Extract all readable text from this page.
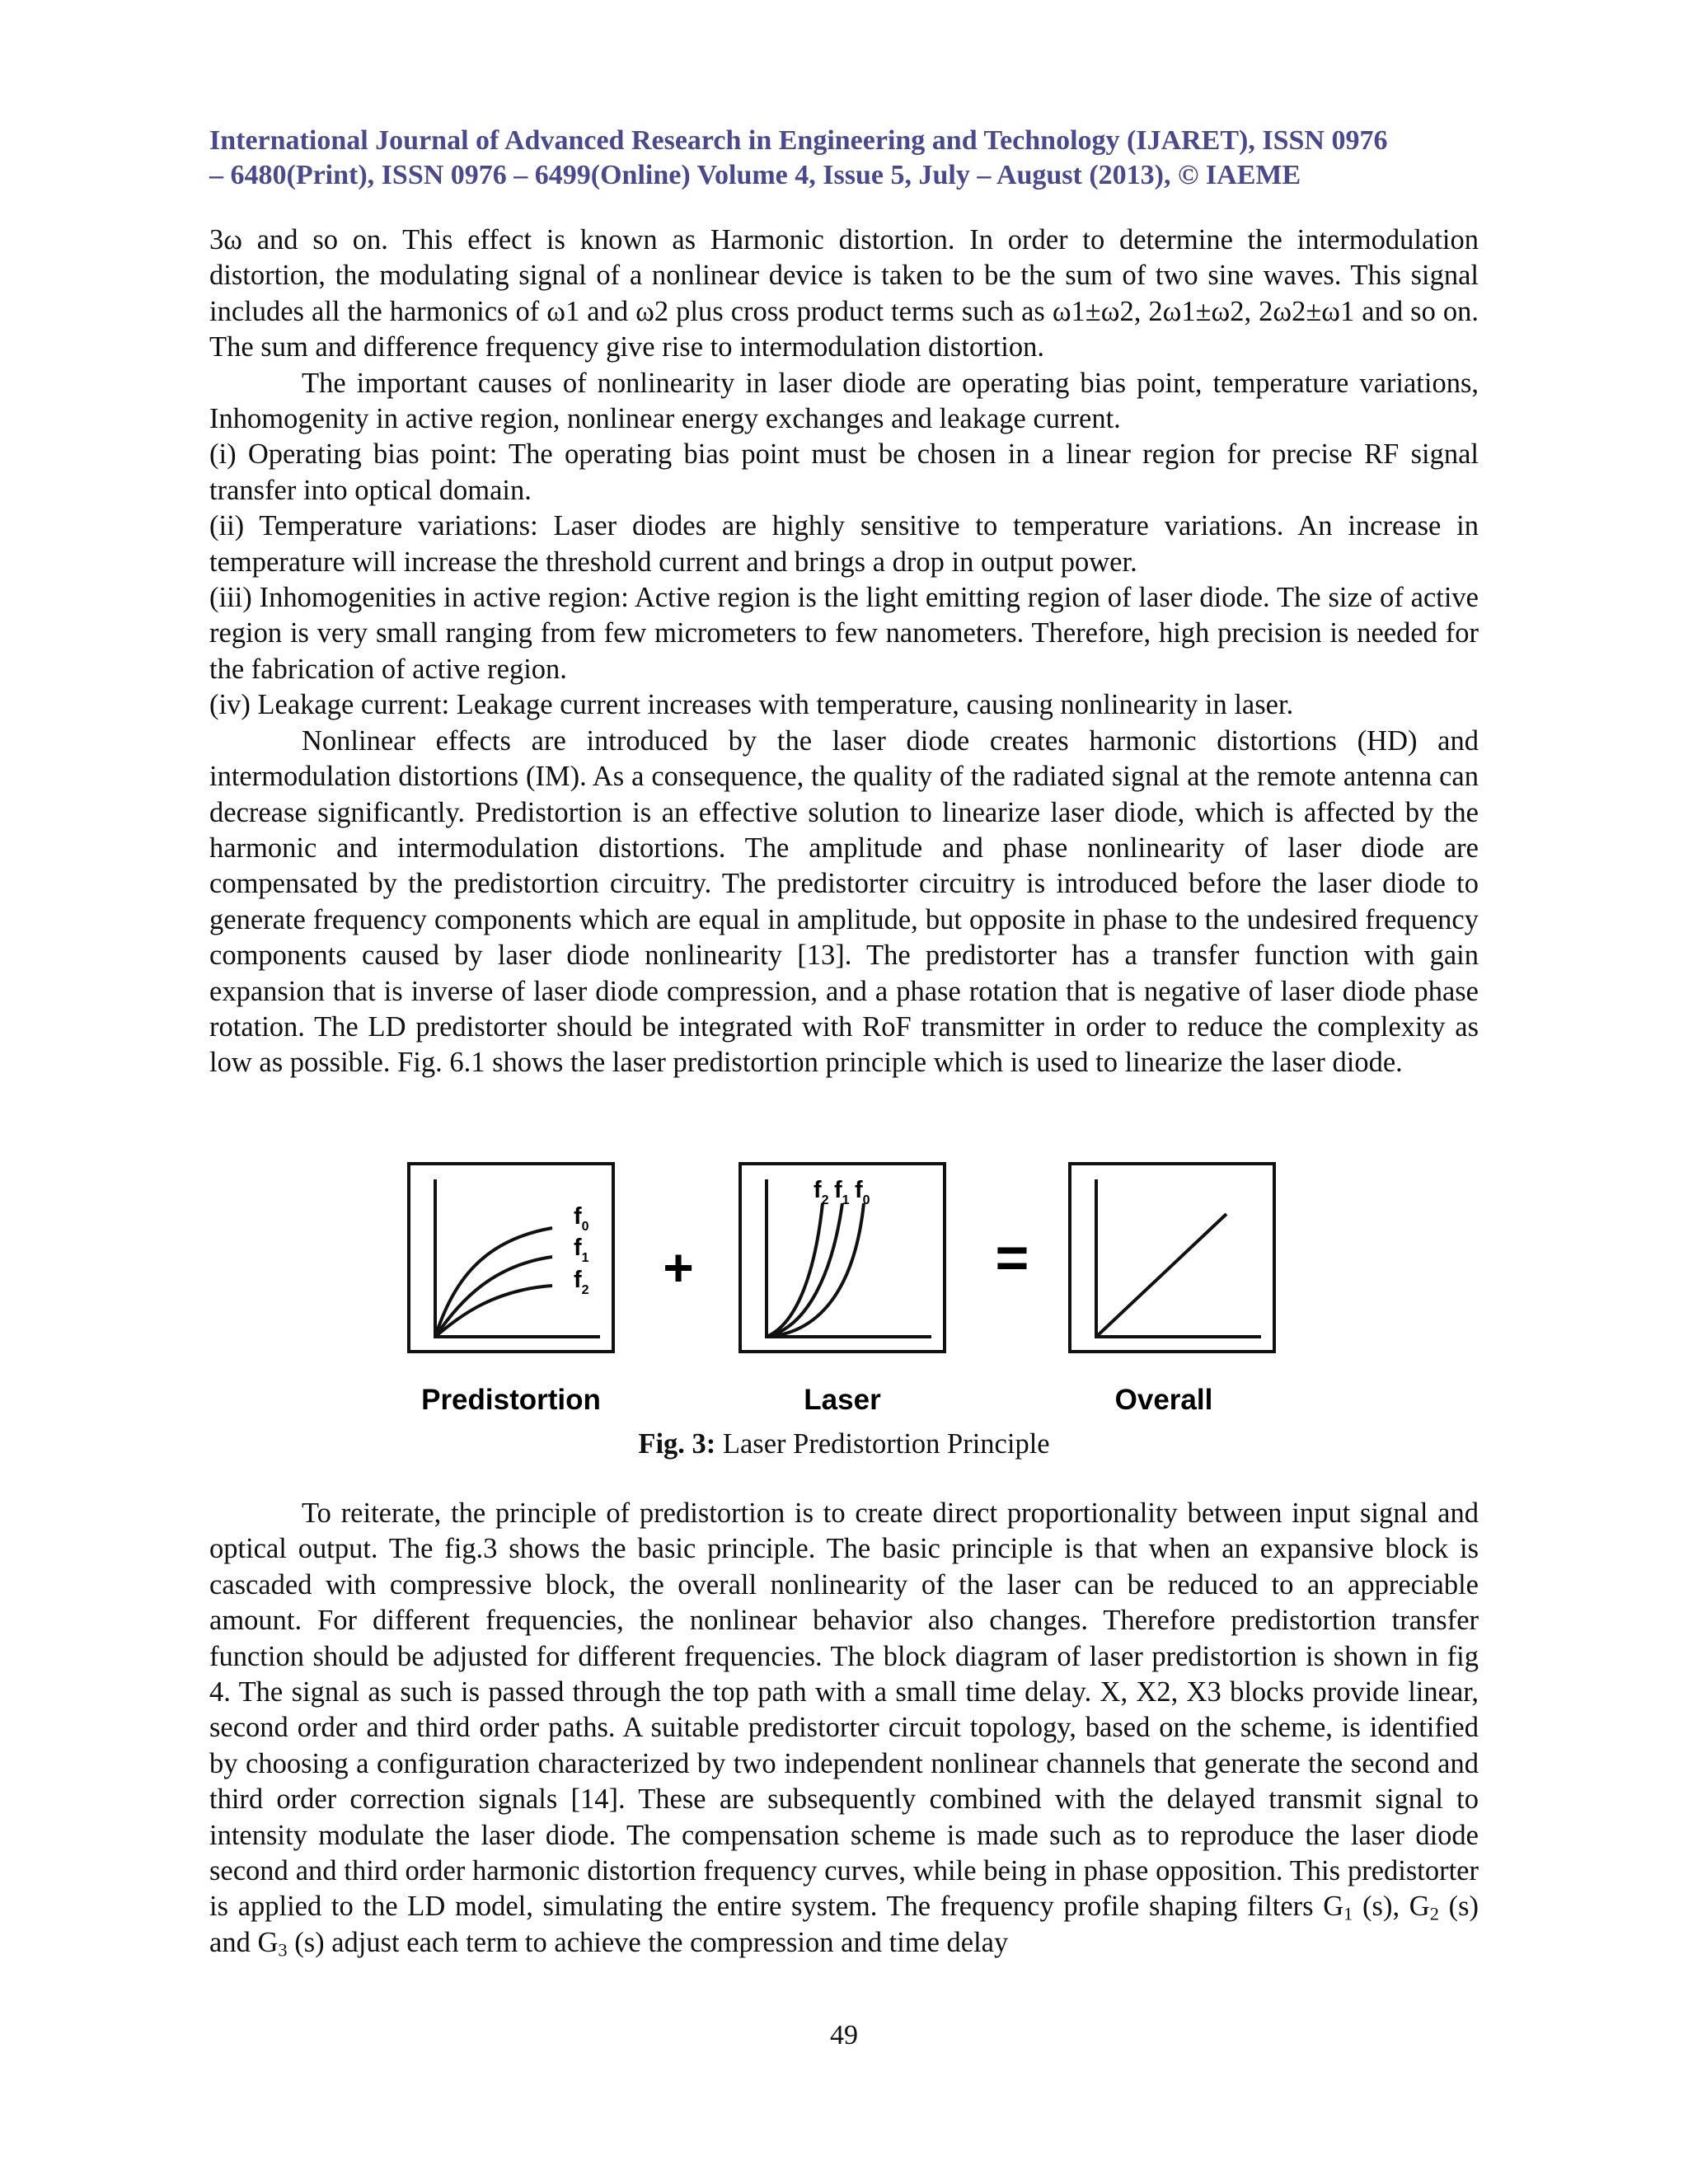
International Journal of Advanced Research in Engineering and Technology (IJARET), ISSN 0976
– 6480(Print), ISSN 0976 – 6499(Online) Volume 4, Issue 5, July – August (2013), © IAEME

3ω and so on. This effect is known as Harmonic distortion. In order to determine the intermodulation distortion, the modulating signal of a nonlinear device is taken to be the sum of two sine waves. This signal includes all the harmonics of ω1 and ω2 plus cross product terms such as ω1±ω2, 2ω1±ω2, 2ω2±ω1 and so on. The sum and difference frequency give rise to intermodulation distortion.

The important causes of nonlinearity in laser diode are operating bias point, temperature variations, Inhomogenity in active region, nonlinear energy exchanges and leakage current.

(i) Operating bias point: The operating bias point must be chosen in a linear region for precise RF signal transfer into optical domain.

(ii) Temperature variations: Laser diodes are highly sensitive to temperature variations. An increase in temperature will increase the threshold current and brings a drop in output power.

(iii) Inhomogenities in active region: Active region is the light emitting region of laser diode. The size of active region is very small ranging from few micrometers to few nanometers. Therefore, high precision is needed for the fabrication of active region.

(iv) Leakage current: Leakage current increases with temperature, causing nonlinearity in laser.

Nonlinear effects are introduced by the laser diode creates harmonic distortions (HD) and intermodulation distortions (IM). As a consequence, the quality of the radiated signal at the remote antenna can decrease significantly. Predistortion is an effective solution to linearize laser diode, which is affected by the harmonic and intermodulation distortions. The amplitude and phase nonlinearity of laser diode are compensated by the predistortion circuitry. The predistorter circuitry is introduced before the laser diode to generate frequency components which are equal in amplitude, but opposite in phase to the undesired frequency components caused by laser diode nonlinearity [13]. The predistorter has a transfer function with gain expansion that is inverse of laser diode compression, and a phase rotation that is negative of laser diode phase rotation. The LD predistorter should be integrated with RoF transmitter in order to reduce the complexity as low as possible. Fig. 6.1 shows the laser predistortion principle which is used to linearize the laser diode.

$f_0$
$f_1$
$f_2$ +
$f_2$ $f_1$ $f_0$
=
Predistortion	Laser	Overall
Fig. 3: Laser Predistortion Principle

To reiterate, the principle of predistortion is to create direct proportionality between input signal and optical output. The fig.3 shows the basic principle. The basic principle is that when an expansive block is cascaded with compressive block, the overall nonlinearity of the laser can be reduced to an appreciable amount. For different frequencies, the nonlinear behavior also changes. Therefore predistortion transfer function should be adjusted for different frequencies. The block diagram of laser predistortion is shown in fig 4. The signal as such is passed through the top path with a small time delay. X, X2, X3 blocks provide linear, second order and third order paths. A suitable predistorter circuit topology, based on the scheme, is identified by choosing a configuration characterized by two independent nonlinear channels that generate the second and third order correction signals [14]. These are subsequently combined with the delayed transmit signal to intensity modulate the laser diode. The compensation scheme is made such as to reproduce the laser diode second and third order harmonic distortion frequency curves, while being in phase opposition. This predistorter is applied to the LD model, simulating the entire system. The frequency profile shaping filters $G_1$ (s), $G_2$ (s) and $G_3$ (s) adjust each term to achieve the compression and time delay

49
